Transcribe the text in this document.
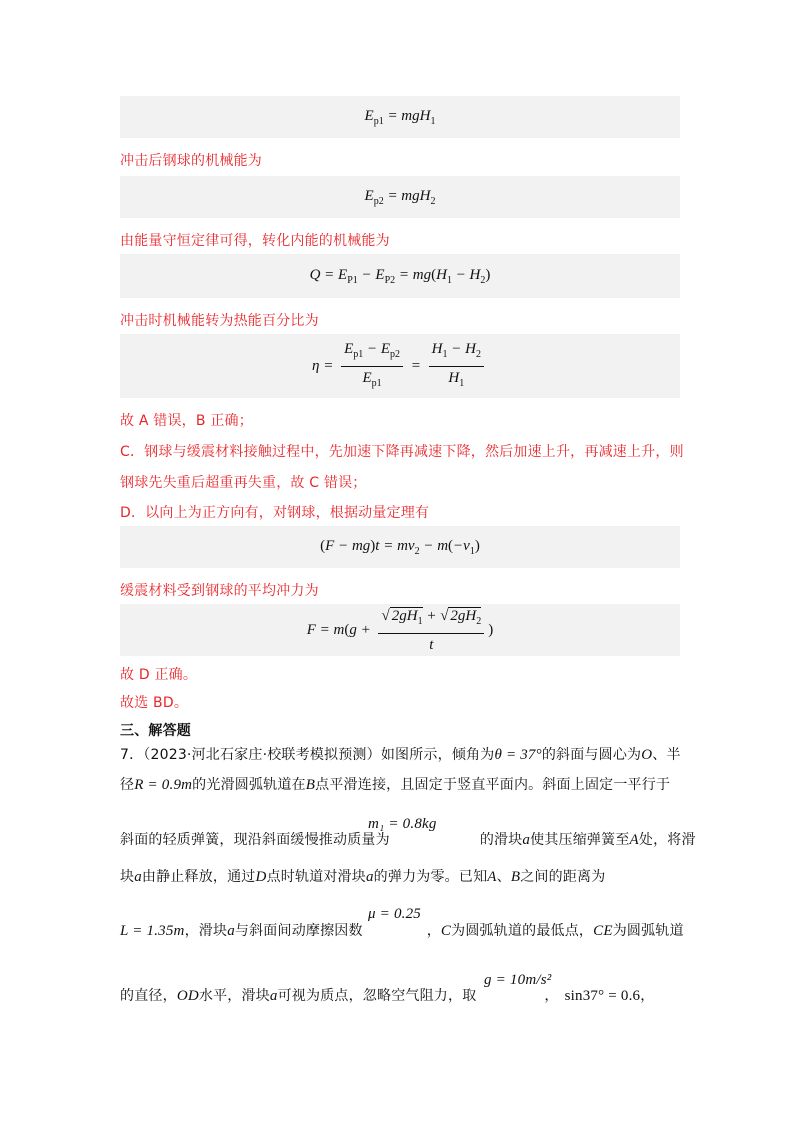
$E_{p1} = mgH_1$
冲击后钢球的机械能为
$E_{p2} = mgH_2$
由能量守恒定律可得，转化内能的机械能为
$Q = E_{P1} - E_{P2} = mg(H_1 - H_2)$
冲击时机械能转为热能百分比为
$\eta = \frac{E_{p1} - E_{p2}}{E_{p1}} = \frac{H_1 - H_2}{H_1}$
故 A 错误，B 正确；
C．钢球与缓震材料接触过程中，先加速下降再减速下降，然后加速上升，再减速上升，则
钢球先失重后超重再失重，故 C 错误；
D．以向上为正方向有，对钢球，根据动量定理有
$(F - mg)t = mv_2 - m(-v_1)$
缓震材料受到钢球的平均冲力为
$F = m(g + \frac{√ 2gH_1 + √ 2gH_2}{t}$ )
故 D 正确。
故选 BD。
三、解答题
7．（2023·河北石家庄·校联考模拟预测）如图所示，倾角为θ = 37°的斜面与圆心为O、半
径R = 0.9m的光滑圆弧轨道在B点平滑连接，且固定于竖直平面内。斜面上固定一平行于
m₁ = 0.8kg
斜面的轻质弹簧，现沿斜面缓慢推动质量为	的滑块a使其压缩弹簧至A处，将滑
块a由静止释放，通过D点时轨道对滑块a的弹力为零。已知A、B之间的距离为
μ = 0.25
L = 1.35m，滑块a与斜面间动摩擦因数	，C为圆弧轨道的最低点，CE为圆弧轨道
g = 10m/s²
的直径，OD水平，滑块a可视为质点，忽略空气阻力，取	， sin37° = 0.6，
